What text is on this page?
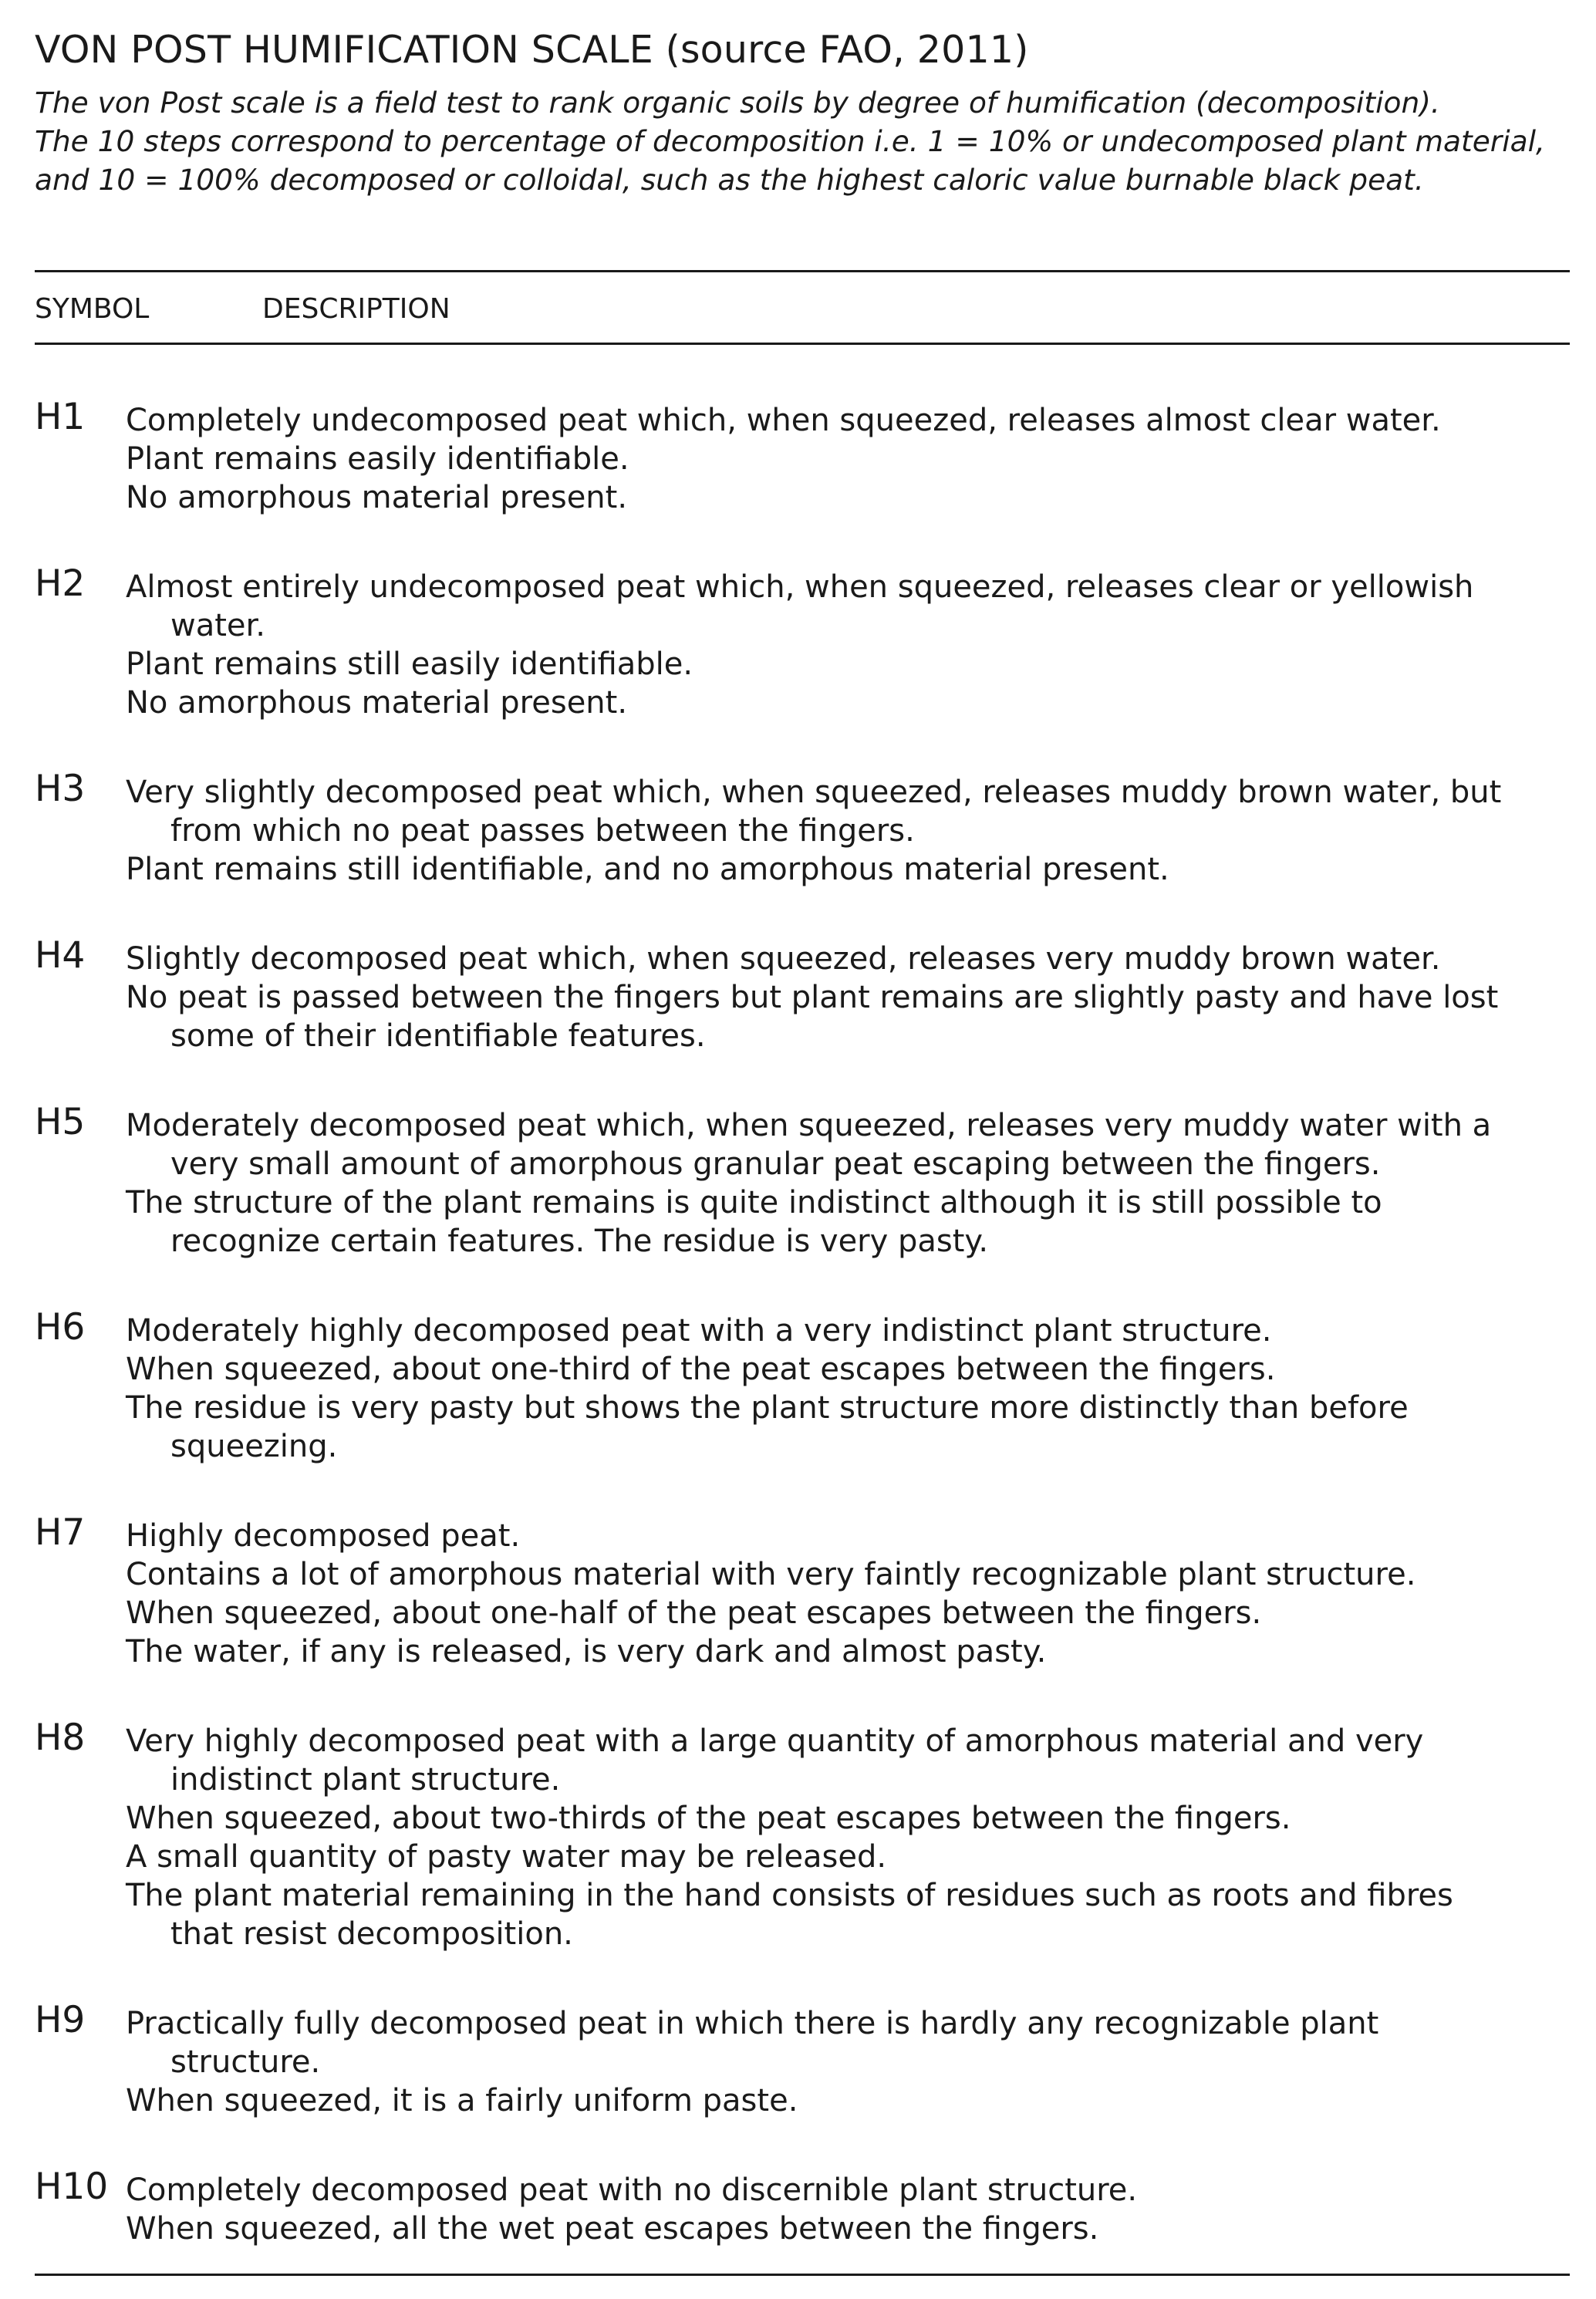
VON POST HUMIFICATION SCALE (source FAO, 2011)
The von Post scale is a field test to rank organic soils by degree of humification (decomposition).
The 10 steps correspond to percentage of decomposition i.e. 1 = 10% or undecomposed plant material,
and 10 = 100% decomposed or colloidal, such as the highest caloric value burnable black peat.
SYMBOL	DESCRIPTION
H1 Completely undecomposed peat which, when squeezed, releases almost clear water.
Plant remains easily identifiable.
No amorphous material present.
H2 Almost entirely undecomposed peat which, when squeezed, releases clear or yellowish
water.
Plant remains still easily identifiable.
No amorphous material present.
H3 Very slightly decomposed peat which, when squeezed, releases muddy brown water, but
from which no peat passes between the fingers.
Plant remains still identifiable, and no amorphous material present.
H4 Slightly decomposed peat which, when squeezed, releases very muddy brown water.
No peat is passed between the fingers but plant remains are slightly pasty and have lost
some of their identifiable features.
H5 Moderately decomposed peat which, when squeezed, releases very muddy water with a
very small amount of amorphous granular peat escaping between the fingers.
The structure of the plant remains is quite indistinct although it is still possible to
recognize certain features. The residue is very pasty.
H6 Moderately highly decomposed peat with a very indistinct plant structure.
When squeezed, about one-third of the peat escapes between the fingers.
The residue is very pasty but shows the plant structure more distinctly than before
squeezing.
H7 Highly decomposed peat.
Contains a lot of amorphous material with very faintly recognizable plant structure.
When squeezed, about one-half of the peat escapes between the fingers.
The water, if any is released, is very dark and almost pasty.
H8 Very highly decomposed peat with a large quantity of amorphous material and very
indistinct plant structure.
When squeezed, about two-thirds of the peat escapes between the fingers.
A small quantity of pasty water may be released.
The plant material remaining in the hand consists of residues such as roots and fibres
that resist decomposition.
H9 Practically fully decomposed peat in which there is hardly any recognizable plant
structure.
When squeezed, it is a fairly uniform paste.
H10 Completely decomposed peat with no discernible plant structure.
When squeezed, all the wet peat escapes between the fingers.
